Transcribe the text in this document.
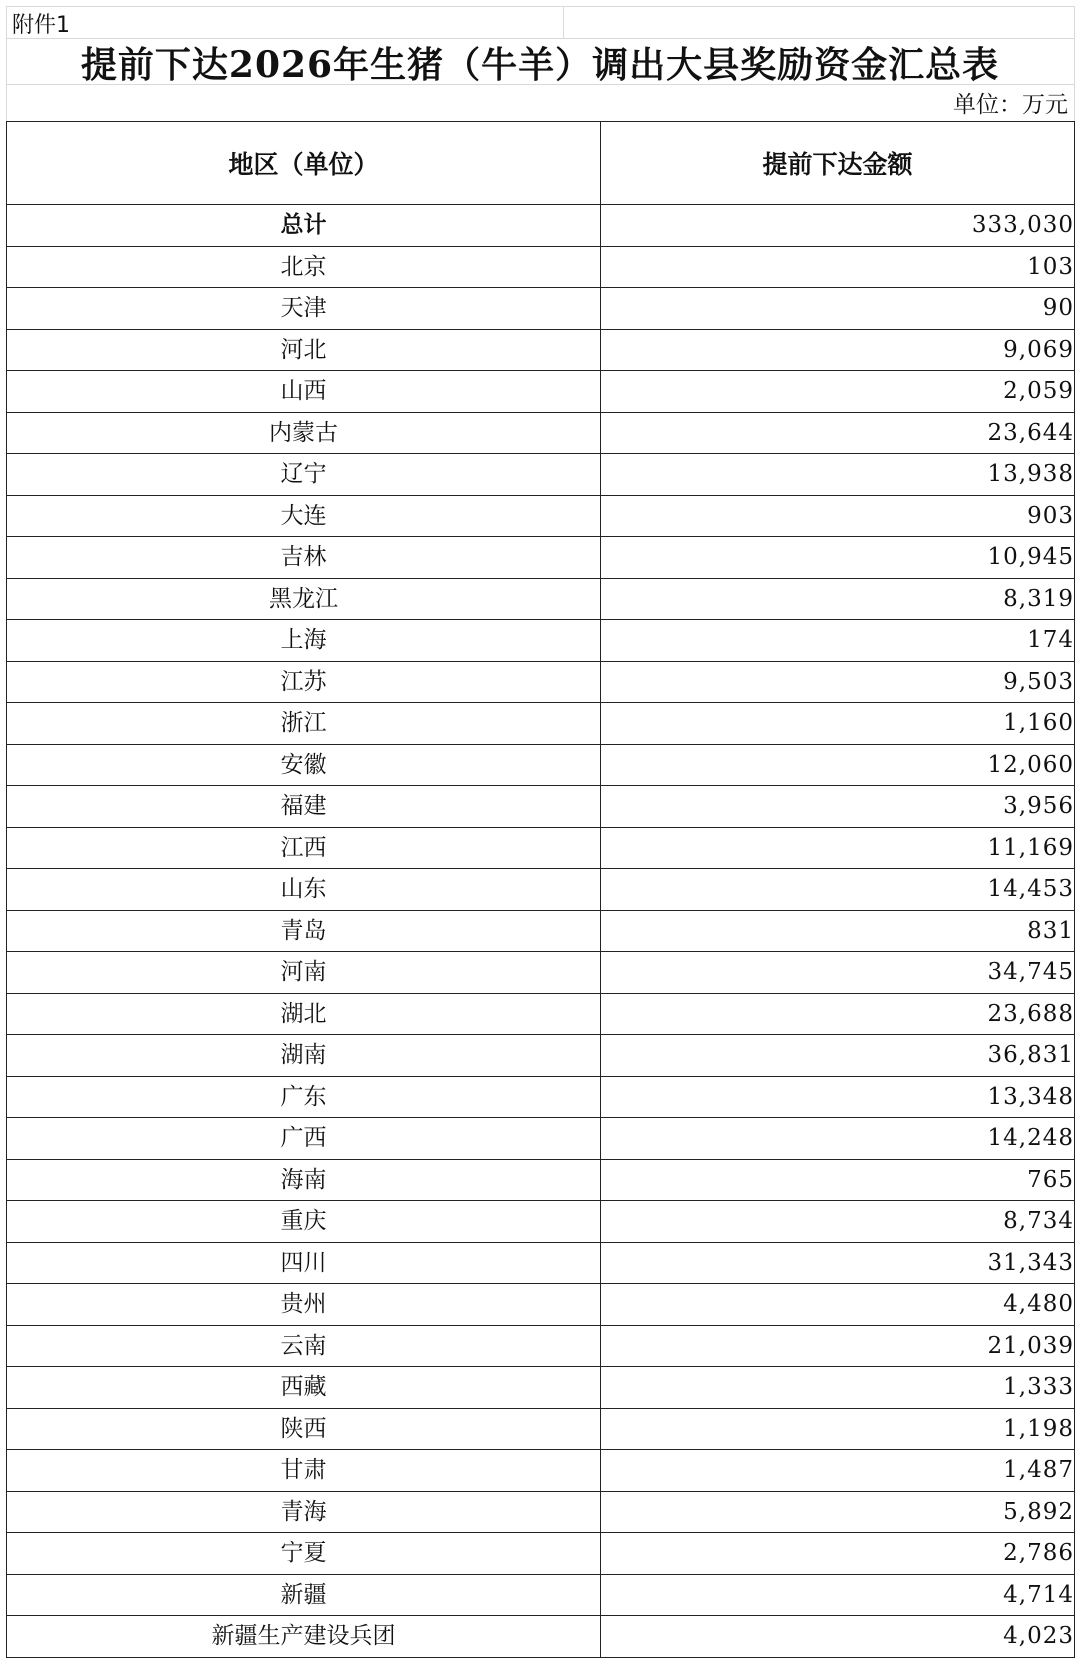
附件1
提前下达2026年生猪（牛羊）调出大县奖励资金汇总表
单位：万元
地区（单位）	提前下达金额
总计	333,030
北京	103
天津	90
河北	9,069
山西	2,059
内蒙古	23,644
辽宁	13,938
大连	903
吉林	10,945
黑龙江	8,319
上海	174
江苏	9,503
浙江	1,160
安徽	12,060
福建	3,956
江西	11,169
山东	14,453
青岛	831
河南	34,745
湖北	23,688
湖南	36,831
广东	13,348
广西	14,248
海南	765
重庆	8,734
四川	31,343
贵州	4,480
云南	21,039
西藏	1,333
陕西	1,198
甘肃	1,487
青海	5,892
宁夏	2,786
新疆	4,714
新疆生产建设兵团	4,023
